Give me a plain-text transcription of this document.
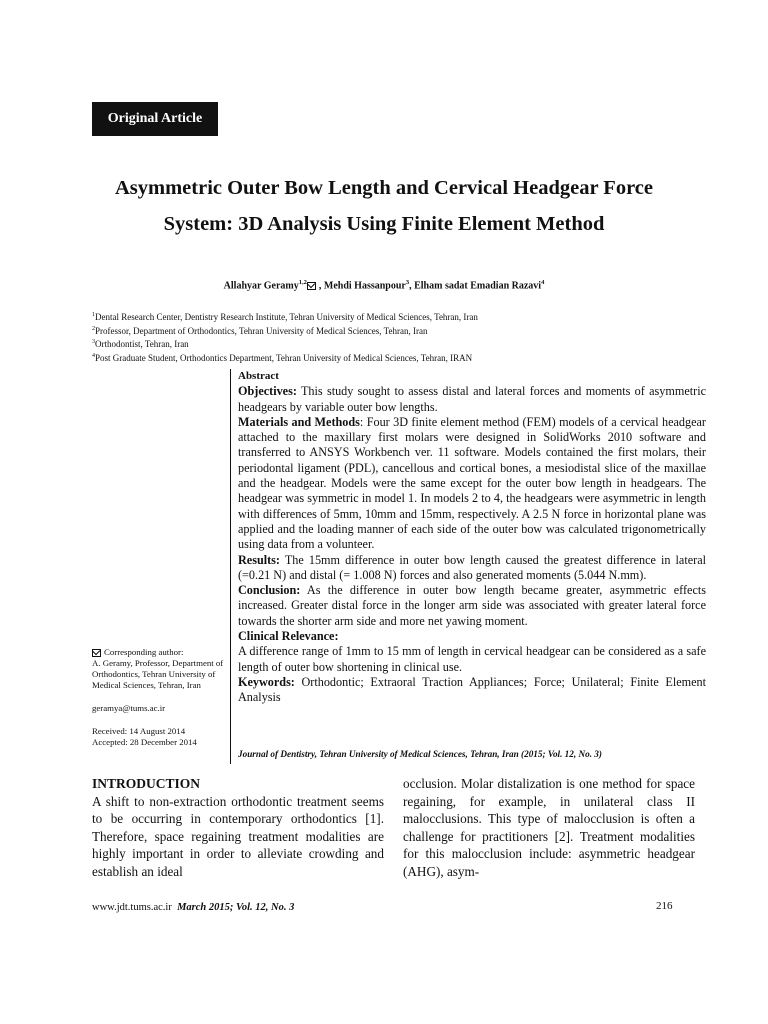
Original Article
Asymmetric Outer Bow Length and Cervical Headgear Force
System: 3D Analysis Using Finite Element Method
Allahyar Geramy$^{1,2}$ , Mehdi Hassanpour$^3$, Elham sadat Emadian Razavi$^4$
$^1$Dental Research Center, Dentistry Research Institute, Tehran University of Medical Sciences, Tehran, Iran
$^2$Professor, Department of Orthodontics, Tehran University of Medical Sciences, Tehran, Iran
$^3$Orthodontist, Tehran, Iran
$^4$Post Graduate Student, Orthodontics Department, Tehran University of Medical Sciences, Tehran, IRAN
Abstract
Objectives: This study sought to assess distal and lateral forces and moments of asymmetric headgears by variable outer bow lengths.
Materials and Methods: Four 3D finite element method (FEM) models of a cervical headgear attached to the maxillary first molars were designed in SolidWorks 2010 software and transferred to ANSYS Workbench ver. 11 software. Models contained the first molars, their periodontal ligament (PDL), cancellous and cortical bones, a mesiodistal slice of the maxillae and the headgear. Models were the same except for the outer bow length in headgears. The headgear was symmetric in model 1. In models 2 to 4, the headgears were asymmetric in length with differences of 5mm, 10mm and 15mm, respectively. A 2.5 N force in horizontal plane was applied and the loading manner of each side of the outer bow was calculated trigonometrically using data from a volunteer.
Results: The 15mm difference in outer bow length caused the greatest difference in lateral (=0.21 N) and distal (= 1.008 N) forces and also generated moments (5.044 N.mm).
Conclusion: As the difference in outer bow length became greater, asymmetric effects increased. Greater distal force in the longer arm side was associated with greater lateral force towards the shorter arm side and more net yawing moment.
Clinical Relevance:
A difference range of 1mm to 15 mm of length in cervical headgear can be considered as a safe length of outer bow shortening in clinical use.
Keywords: Orthodontic; Extraoral Traction Appliances; Force; Unilateral; Finite Element Analysis
Journal of Dentistry, Tehran University of Medical Sciences, Tehran, Iran (2015; Vol. 12, No. 3)

Corresponding author:

A. Geramy, Professor, Department of Orthodontics, Tehran University of Medical Sciences, Tehran, Iran

geramya@tums.ac.ir

Received: 14 August 2014

Accepted: 28 December 2014

INTRODUCTION
A shift to non-extraction orthodontic treatment seems to be occurring in contemporary orthodontics [1]. Therefore, space regaining treatment modalities are highly important in order to alleviate crowding and establish an ideal
occlusion. Molar distalization is one method for space regaining, for example, in unilateral class II malocclusions. This type of malocclusion is often a challenge for practitioners [2]. Treatment modalities for this malocclusion include: asymmetric headgear (AHG), asym-
www.jdt.tums.ac.ir March 2015; Vol. 12, No. 3	216
